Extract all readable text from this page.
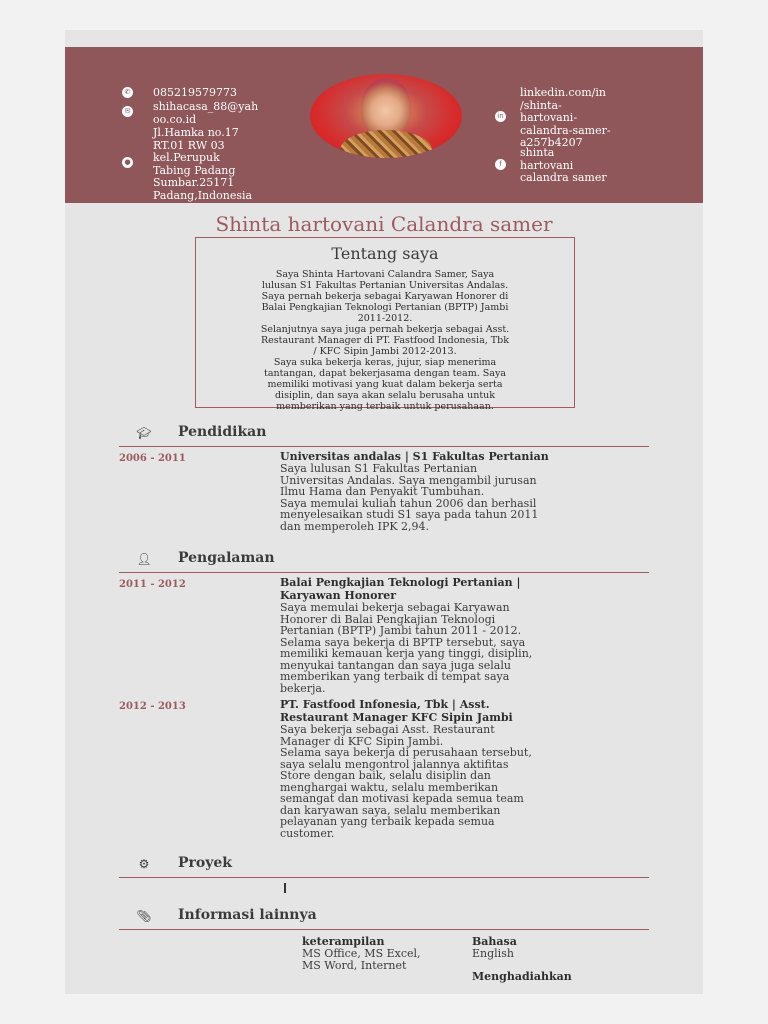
✆ 085219579773
✉ shihacasa_88@yah
oo.co.id
●
Jl.Hamka no.17
RT.01 RW 03
kel.Perupuk
Tabing Padang
Sumbar.25171
Padang,Indonesia
in
linkedin.com/in
/shinta-
hartovani-
calandra-samer-
a257b4207
f
shinta
hartovani
calandra samer
Shinta hartovani Calandra samer
Tentang saya
Saya Shinta Hartovani Calandra Samer, Saya
lulusan S1 Fakultas Pertanian Universitas Andalas.
Saya pernah bekerja sebagai Karyawan Honorer di
Balai Pengkajian Teknologi Pertanian (BPTP) Jambi
2011-2012.
Selanjutnya saya juga pernah bekerja sebagai Asst.
Restaurant Manager di PT. Fastfood Indonesia, Tbk
/ KFC Sipin Jambi 2012-2013.
Saya suka bekerja keras, jujur, siap menerima
tantangan, dapat bekerjasama dengan team. Saya
memiliki motivasi yang kuat dalam bekerja serta
disiplin, dan saya akan selalu berusaha untuk
memberikan yang terbaik untuk perusahaan.
🎓︎ Pendidikan
2006 - 2011	Universitas andalas | S1 Fakultas Pertanian
Saya lulusan S1 Fakultas Pertanian
Universitas Andalas. Saya mengambil jurusan
Ilmu Hama dan Penyakit Tumbuhan.
Saya memulai kuliah tahun 2006 dan berhasil
menyelesaikan studi S1 saya pada tahun 2011
dan memperoleh IPK 2,94.
👤︎ Pengalaman
2011 - 2012	Balai Pengkajian Teknologi Pertanian |
Karyawan Honorer
Saya memulai bekerja sebagai Karyawan
Honorer di Balai Pengkajian Teknologi
Pertanian (BPTP) Jambi tahun 2011 - 2012.
Selama saya bekerja di BPTP tersebut, saya
memiliki kemauan kerja yang tinggi, disiplin,
menyukai tantangan dan saya juga selalu
memberikan yang terbaik di tempat saya
bekerja.
2012 - 2013	PT. Fastfood Infonesia, Tbk | Asst.
Restaurant Manager KFC Sipin Jambi
Saya bekerja sebagai Asst. Restaurant
Manager di KFC Sipin Jambi.
Selama saya bekerja di perusahaan tersebut,
saya selalu mengontrol jalannya aktifitas
Store dengan baik, selalu disiplin dan
menghargai waktu, selalu memberikan
semangat dan motivasi kepada semua team
dan karyawan saya, selalu memberikan
pelayanan yang terbaik kepada semua
customer.
⚙ Proyek
📎︎ Informasi lainnya
keterampilan
MS Office, MS Excel,
MS Word, Internet
Bahasa
English
Menghadiahkan
